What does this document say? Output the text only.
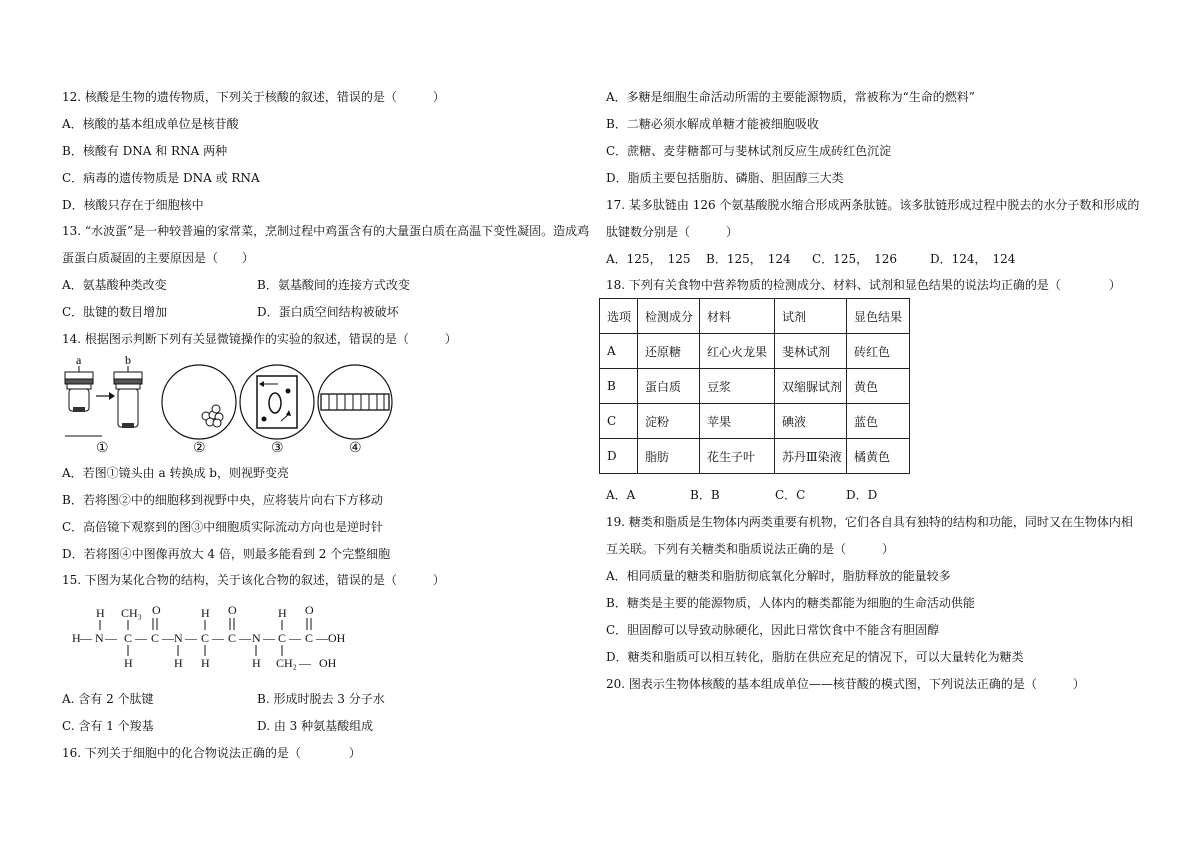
12. 核酸是生物的遗传物质，下列关于核酸的叙述，错误的是（　　　）
A．核酸的基本组成单位是核苷酸
B．核酸有 DNA 和 RNA 两种
C．病毒的遗传物质是 DNA 或 RNA
D．核酸只存在于细胞核中
13. “水波蛋”是一种较普遍的家常菜，烹制过程中鸡蛋含有的大量蛋白质在高温下变性凝固。造成鸡
蛋蛋白质凝固的主要原因是（　　）
A．氨基酸种类改变	B．氨基酸间的连接方式改变
C．肽键的数目增加	D．蛋白质空间结构被破坏
14. 根据图示判断下列有关显微镜操作的实验的叙述，错误的是（　　　）
a	b
①	②	③	④
A．若图①镜头由 a 转换成 b，则视野变亮
B．若将图②中的细胞移到视野中央，应将装片向右下方移动
C．高倍镜下观察到的图③中细胞质实际流动方向也是逆时针
D．若将图④中图像再放大 4 倍，则最多能看到 2 个完整细胞
15. 下图为某化合物的结构，关于该化合物的叙述，错误的是（　　　）
H CH₃ O	H O	H O
H — N — C — C — N — C — C — N — C — C — OH
H	H H	H CH₂ — OH
A. 含有 2 个肽键	B. 形成时脱去 3 分子水
C. 含有 1 个羧基	D. 由 3 种氨基酸组成
16. 下列关于细胞中的化合物说法正确的是（　　　　）
A．多糖是细胞生命活动所需的主要能源物质，常被称为“生命的燃料”
B．二糖必须水解成单糖才能被细胞吸收
C．蔗糖、麦芽糖都可与斐林试剂反应生成砖红色沉淀
D．脂质主要包括脂肪、磷脂、胆固醇三大类
17. 某多肽链由 126 个氨基酸脱水缩合形成两条肽链。该多肽链形成过程中脱去的水分子数和形成的
肽键数分别是（　　　）
A．125，　125 B．125，　124 C．125，　126	D．124，　124
18. 下列有关食物中营养物质的检测成分、材料、试剂和显色结果的说法均正确的是（　　　　）
选项	检测成分	材料	试剂	显色结果
A	还原糖	红心火龙果	斐林试剂	砖红色
B	蛋白质	豆浆	双缩脲试剂	黄色
C	淀粉	苹果	碘液	蓝色
D	脂肪	花生子叶	苏丹Ⅲ染液	橘黄色
A．A	B．B	C．C	D．D
19. 糖类和脂质是生物体内两类重要有机物，它们各自具有独特的结构和功能，同时又在生物体内相
互关联。下列有关糖类和脂质说法正确的是（　　　）
A．相同质量的糖类和脂肪彻底氧化分解时，脂肪释放的能量较多
B．糖类是主要的能源物质，人体内的糖类都能为细胞的生命活动供能
C．胆固醇可以导致动脉硬化，因此日常饮食中不能含有胆固醇
D．糖类和脂质可以相互转化，脂肪在供应充足的情况下，可以大量转化为糖类
20. 图表示生物体核酸的基本组成单位——核苷酸的模式图，下列说法正确的是（　　　）
